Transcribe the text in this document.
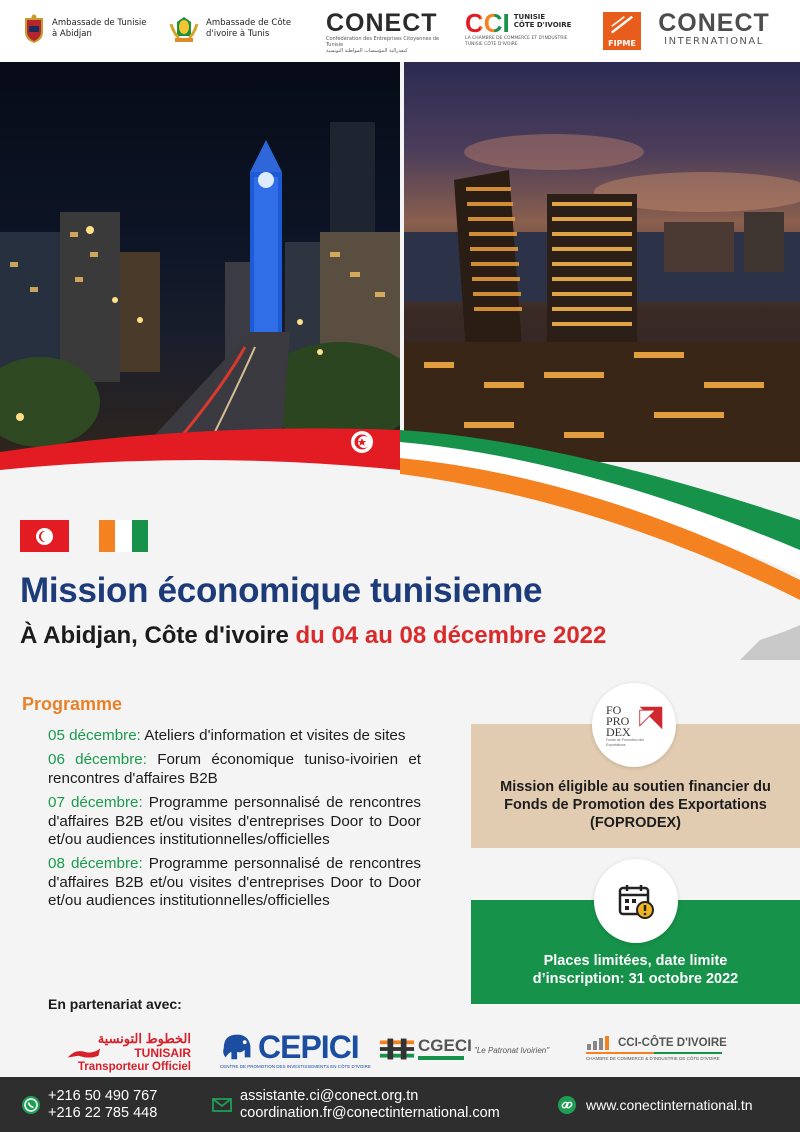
Ambassade de Tunisie
à Abidjan
Ambassade de Côte
d'ivoire à Tunis	CONECT
Confédération des Entreprises Citoyennes de Tunisie
كنفدرالية المؤسسات المواطنة التونسية
CCI TUNISIE
CÔTE D'IVOIRE
LA CHAMBRE DE COMMERCE ET D'INDUSTRIE
TUNISIE CÔTE D'IVOIRE	FIPME
CONECT
INTERNATIONAL
Mission économique tunisienne
À Abidjan, Côte d'ivoire du 04 au 08 décembre 2022
Programme
05 décembre: Ateliers d'information et visites de sites
06 décembre: Forum économique tuniso-ivoirien et rencontres d'affaires B2B
07 décembre: Programme personnalisé de rencontres d'affaires B2B et/ou visites d'entreprises Door to Door et/ou audiences institutionnelles/officielles
08 décembre: Programme personnalisé de rencontres d'affaires B2B et/ou visites d'entreprises Door to Door et/ou audiences institutionnelles/officielles
Mission éligible au soutien financier du Fonds de Promotion des Exportations (FOPRODEX)
FO
PRO
DEX
Fonds de Promotion des Exportations
Places limitées, date limite
d’inscription: 31 octobre 2022
En partenariat avec:
الخطوط التونسية
TUNISAIR
Transporteur Officiel
CEPICI
CENTRE DE PROMOTION DES INVESTISSEMENTS EN CÔTE D'IVOIRE
CGECI "Le Patronat Ivoirien"
CCI-CÔTE D'IVOIRE
CHAMBRE DE COMMERCE & D'INDUSTRIE DE CÔTE D'IVOIRE
+216 50 490 767
+216 22 785 448
assistante.ci@conect.org.tn
coordination.fr@conectinternational.com	www.conectinternational.tn
